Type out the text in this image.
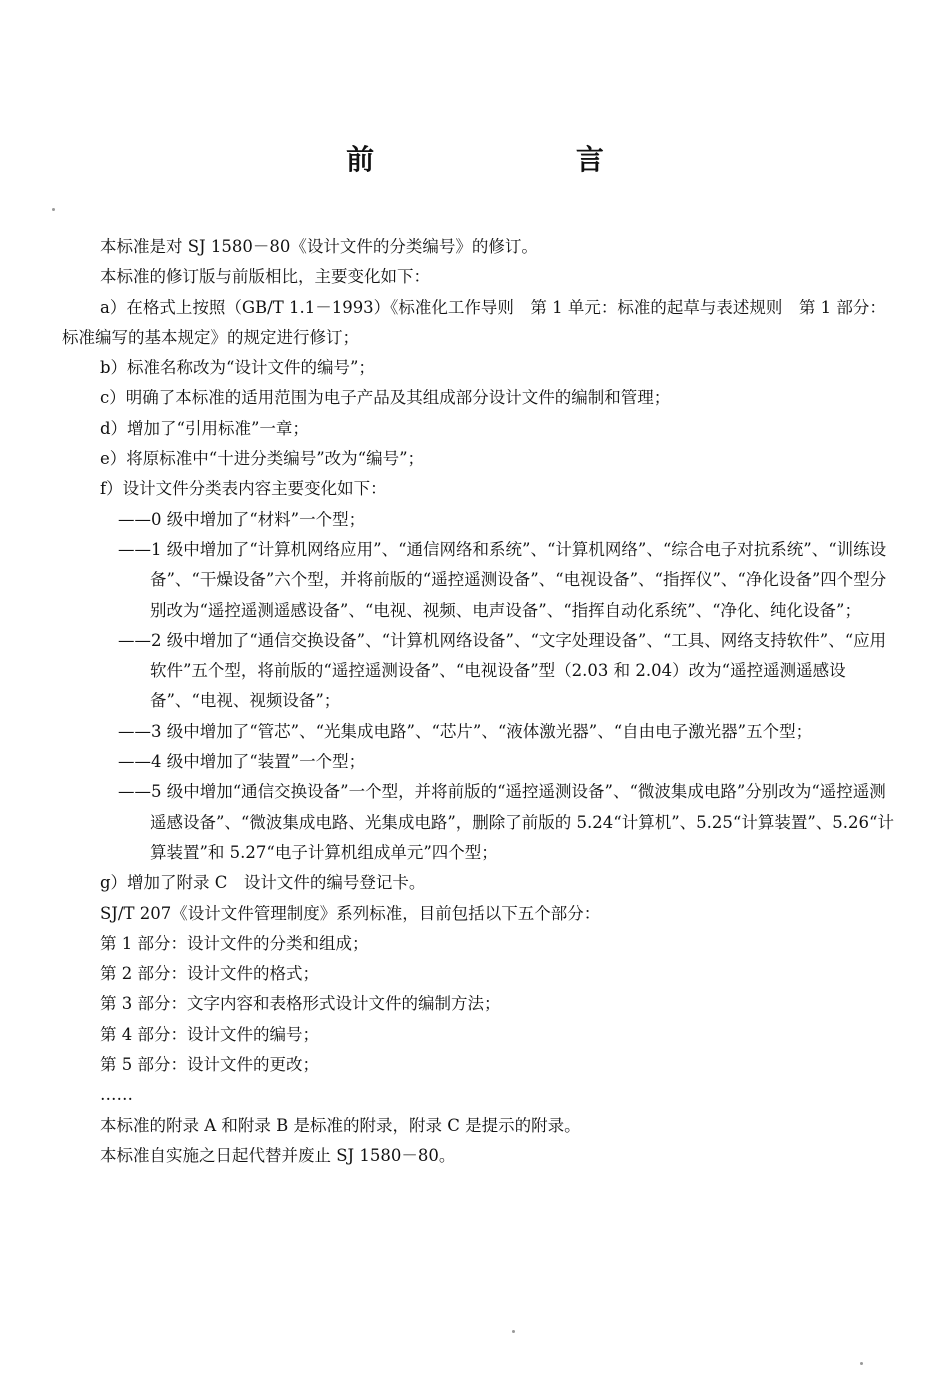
前 言

本标准是对 SJ 1580－80《设计文件的分类编号》的修订。

本标准的修订版与前版相比，主要变化如下：

a）在格式上按照（GB/T 1.1－1993）《标准化工作导则　第 1 单元：标准的起草与表述规则　第 1 部分：标准编写的基本规定》的规定进行修订；

b）标准名称改为“设计文件的编号”；

c）明确了本标准的适用范围为电子产品及其组成部分设计文件的编制和管理；

d）增加了“引用标准”一章；

e）将原标准中“十进分类编号”改为“编号”；

f）设计文件分类表内容主要变化如下：

——0 级中增加了“材料”一个型；

——1 级中增加了“计算机网络应用”、“通信网络和系统”、“计算机网络”、“综合电子对抗系统”、“训练设备”、“干燥设备”六个型，并将前版的“遥控遥测设备”、“电视设备”、“指挥仪”、“净化设备”四个型分别改为“遥控遥测遥感设备”、“电视、视频、电声设备”、“指挥自动化系统”、“净化、纯化设备”；

——2 级中增加了“通信交换设备”、“计算机网络设备”、“文字处理设备”、“工具、网络支持软件”、“应用软件”五个型，将前版的“遥控遥测设备”、“电视设备”型（2.03 和 2.04）改为“遥控遥测遥感设备”、“电视、视频设备”；

——3 级中增加了“管芯”、“光集成电路”、“芯片”、“液体激光器”、“自由电子激光器”五个型；

——4 级中增加了“装置”一个型；

——5 级中增加“通信交换设备”一个型，并将前版的“遥控遥测设备”、“微波集成电路”分别改为“遥控遥测遥感设备”、“微波集成电路、光集成电路”，删除了前版的 5.24“计算机”、5.25“计算装置”、5.26“计算装置”和 5.27“电子计算机组成单元”四个型；

g）增加了附录 C　设计文件的编号登记卡。

SJ/T 207《设计文件管理制度》系列标准，目前包括以下五个部分：

第 1 部分：设计文件的分类和组成；

第 2 部分：设计文件的格式；

第 3 部分：文字内容和表格形式设计文件的编制方法；

第 4 部分：设计文件的编号；

第 5 部分：设计文件的更改；

……

本标准的附录 A 和附录 B 是标准的附录，附录 C 是提示的附录。

本标准自实施之日起代替并废止 SJ 1580－80。
